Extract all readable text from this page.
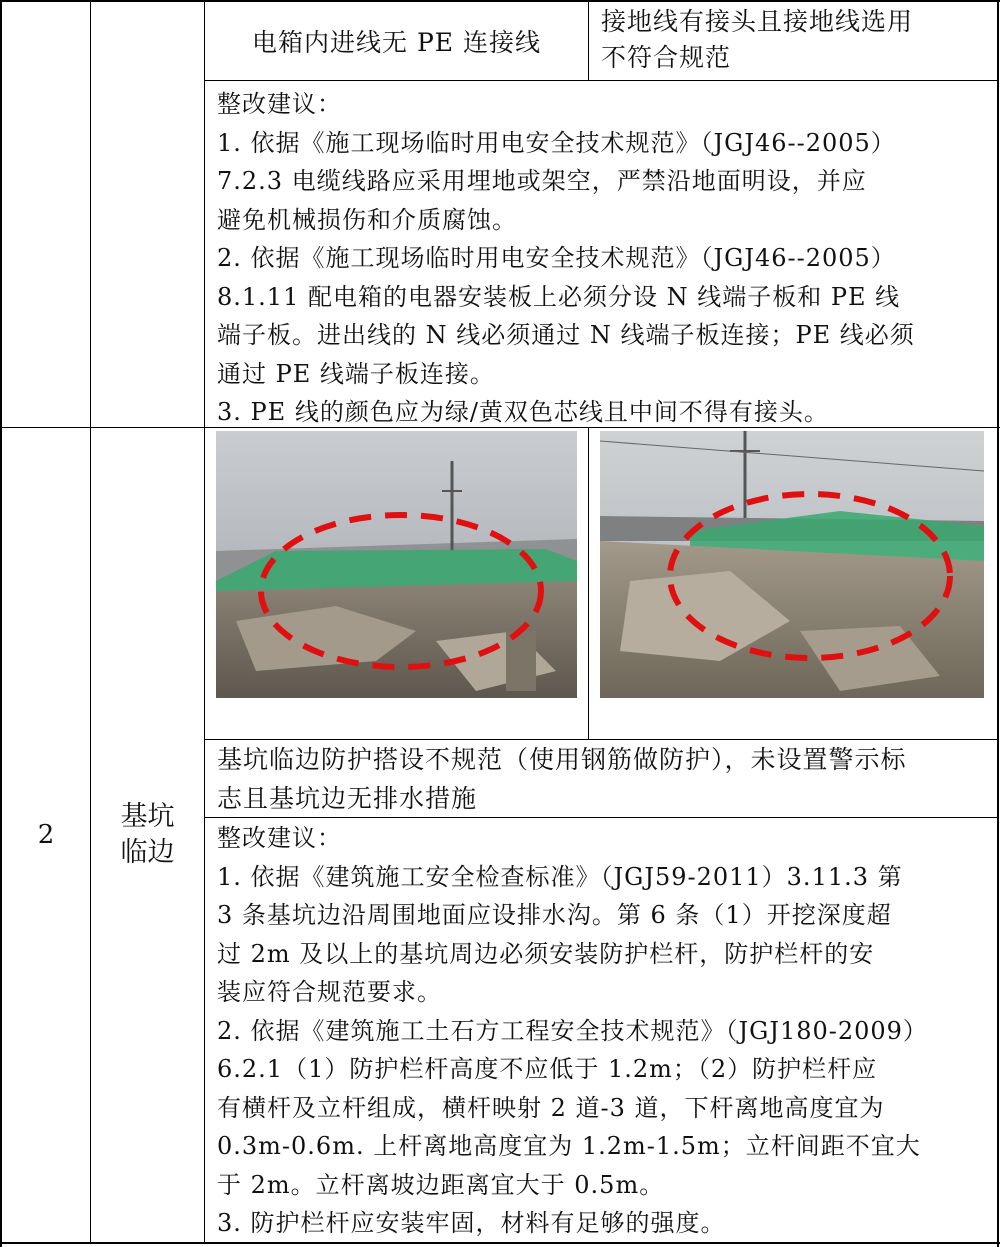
电箱内进线无 PE 连接线
接地线有接头且接地线选用
不符合规范
整改建议：
1. 依据《施工现场临时用电安全技术规范》（JGJ46--2005）
7.2.3 电缆线路应采用埋地或架空，严禁沿地面明设，并应
避免机械损伤和介质腐蚀。
2. 依据《施工现场临时用电安全技术规范》（JGJ46--2005）
8.1.11 配电箱的电器安装板上必须分设 N 线端子板和 PE 线
端子板。进出线的 N 线必须通过 N 线端子板连接；PE 线必须
通过 PE 线端子板连接。
3. PE 线的颜色应为绿/黄双色芯线且中间不得有接头。
2
基坑
临边
基坑临边防护搭设不规范（使用钢筋做防护），未设置警示标
志且基坑边无排水措施
整改建议：
1. 依据《建筑施工安全检查标准》（JGJ59-2011）3.11.3 第
3 条基坑边沿周围地面应设排水沟。第 6 条（1）开挖深度超
过 2m 及以上的基坑周边必须安装防护栏杆，防护栏杆的安
装应符合规范要求。
2. 依据《建筑施工土石方工程安全技术规范》（JGJ180-2009）
6.2.1（1）防护栏杆高度不应低于 1.2m；（2）防护栏杆应
有横杆及立杆组成，横杆映射 2 道-3 道，下杆离地高度宜为
0.3m-0.6m. 上杆离地高度宜为 1.2m-1.5m；立杆间距不宜大
于 2m。立杆离坡边距离宜大于 0.5m。
3. 防护栏杆应安装牢固，材料有足够的强度。
